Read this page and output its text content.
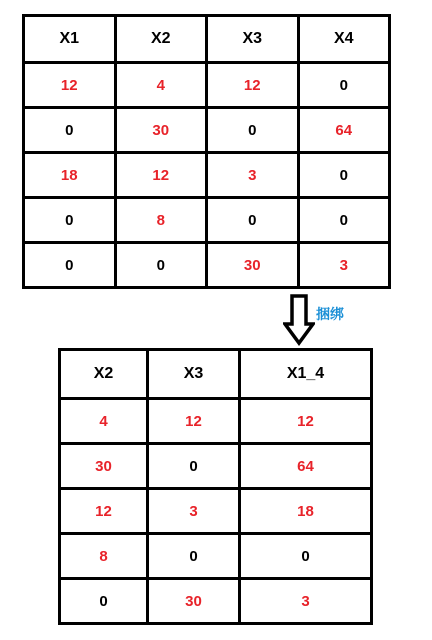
X1	X2	X3	X4
12	4	12	0
0	30	0	64
18	12	3	0
0	8	0	0
0	0	30	3
捆绑
X2	X3	X1_4
4	12	12
30	0	64
12	3	18
8	0	0
0	30	3
